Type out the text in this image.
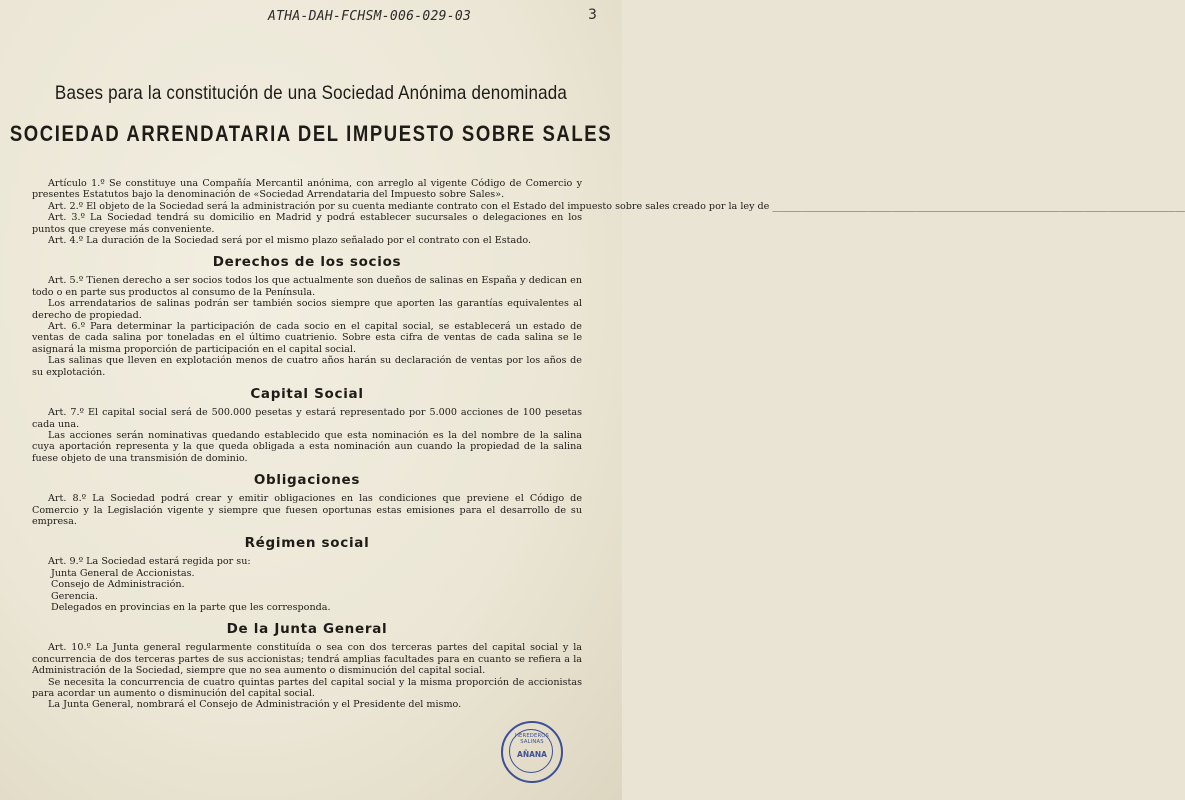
ATHA-DAH-FCHSM-006-029-03	3
Bases para la constitución de una Sociedad Anónima denominada
SOCIEDAD ARRENDATARIA DEL IMPUESTO SOBRE SALES

Artículo 1.º Se constituye una Compañía Mercantil anónima, con arreglo al vigente Código de Comercio y presentes Estatutos bajo la denominación de «Sociedad Arrendataria del Impuesto sobre Sales».

Art. 2.º El objeto de la Sociedad será la administración por su cuenta mediante contrato con el Estado del impuesto sobre sales creado por la ley de _____

Art. 3.º La Sociedad tendrá su domicilio en Madrid y podrá establecer sucursales o delegaciones en los puntos que creyese más conveniente.

Art. 4.º La duración de la Sociedad será por el mismo plazo señalado por el contrato con el Estado.

Derechos de los socios

Art. 5.º Tienen derecho a ser socios todos los que actualmente son dueños de salinas en España y dedican en todo o en parte sus productos al consumo de la Península.

Los arrendatarios de salinas podrán ser también socios siempre que aporten las garantías equivalentes al derecho de propiedad.

Art. 6.º Para determinar la participación de cada socio en el capital social, se establecerá un estado de ventas de cada salina por toneladas en el último cuatrienio. Sobre esta cifra de ventas de cada salina se le asignará la misma proporción de participación en el capital social.

Las salinas que lleven en explotación menos de cuatro años harán su declaración de ventas por los años de su explotación.

Capital Social

Art. 7.º El capital social será de 500.000 pesetas y estará representado por 5.000 acciones de 100 pesetas cada una.

Las acciones serán nominativas quedando establecido que esta nominación es la del nombre de la salina cuya aportación representa y la que queda obligada a esta nominación aun cuando la propiedad de la salina fuese objeto de una transmisión de dominio.

Obligaciones

Art. 8.º La Sociedad podrá crear y emitir obligaciones en las condiciones que previene el Código de Comercio y la Legislación vigente y siempre que fuesen oportunas estas emisiones para el desarrollo de su empresa.

Régimen social

Art. 9.º La Sociedad estará regida por su:

Junta General de Accionistas.

Consejo de Administración.

Gerencia.

Delegados en provincias en la parte que les corresponda.

De la Junta General

Art. 10.º La Junta general regularmente constituída o sea con dos terceras partes del capital social y la concurrencia de dos terceras partes de sus accionistas; tendrá amplias facultades para en cuanto se refiera a la Administración de la Sociedad, siempre que no sea aumento o disminución del capital social.

Se necesita la concurrencia de cuatro quintas partes del capital social y la misma proporción de accionistas para acordar un aumento o disminución del capital social.

La Junta General, nombrará el Consejo de Administración y el Presidente del mismo.

HEREDEROS SALINAS
AÑANA
